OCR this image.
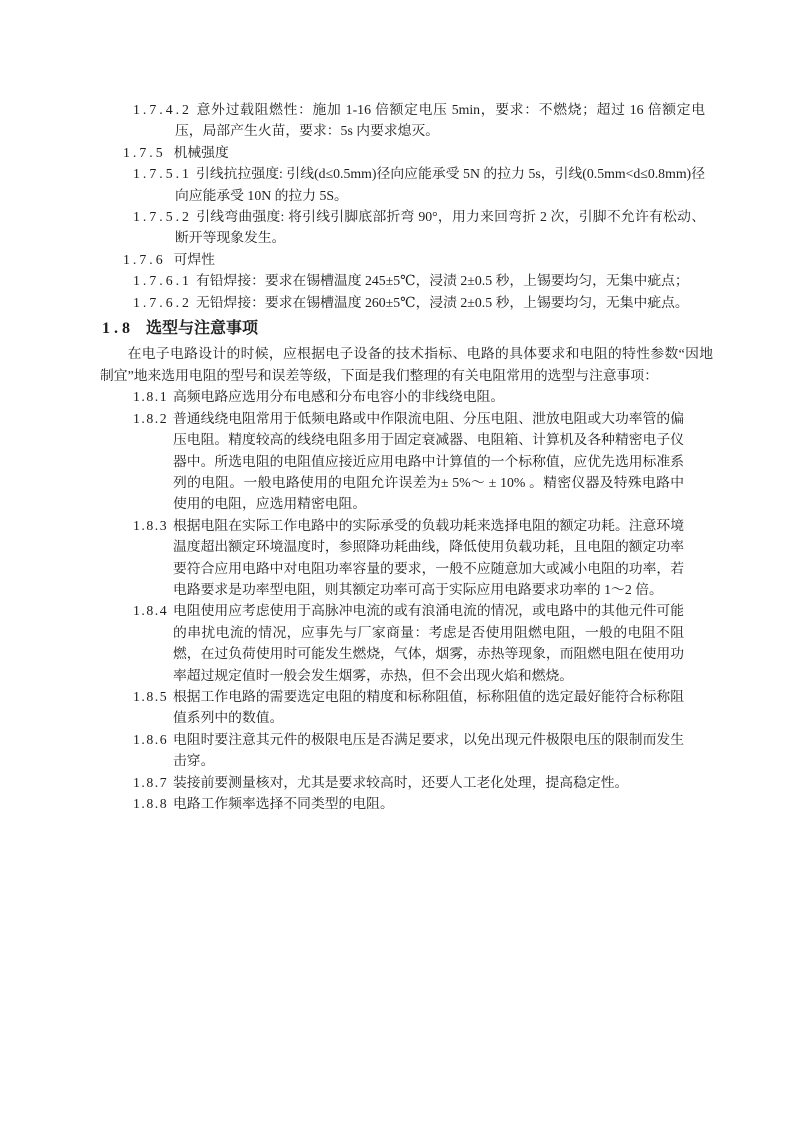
1.7.4.2 意外过载阻燃性：施加 1-16 倍额定电压 5min，要求：不燃烧；超过 16 倍额定电压，局部产生火苗，要求：5s 内要求熄灭。

1.7.5 机械强度

1.7.5.1 引线抗拉强度: 引线(d≤0.5mm)径向应能承受 5N 的拉力 5s，引线(0.5mm<d≤0.8mm)径向应能承受 10N 的拉力 5S。

1.7.5.2 引线弯曲强度: 将引线引脚底部折弯 90°，用力来回弯折 2 次，引脚不允许有松动、断开等现象发生。

1.7.6 可焊性

1.7.6.1 有铅焊接：要求在锡槽温度 245±5℃，浸渍 2±0.5 秒，上锡要均匀，无集中疵点；

1.7.6.2 无铅焊接：要求在锡槽温度 260±5℃，浸渍 2±0.5 秒，上锡要均匀，无集中疵点。

1.8 选型与注意事项

在电子电路设计的时候，应根据电子设备的技术指标、电路的具体要求和电阻的特性参数“因地制宜”地来选用电阻的型号和误差等级，下面是我们整理的有关电阻常用的选型与注意事项：

1.8.1 高频电路应选用分布电感和分布电容小的非线绕电阻。

1.8.2 普通线绕电阻常用于低频电路或中作限流电阻、分压电阻、泄放电阻或大功率管的偏压电阻。精度较高的线绕电阻多用于固定衰减器、电阻箱、计算机及各种精密电子仪器中。所选电阻的电阻值应接近应用电路中计算值的一个标称值，应优先选用标准系列的电阻。一般电路使用的电阻允许误差为± 5%～ ± 10% 。精密仪器及特殊电路中使用的电阻，应选用精密电阻。

1.8.3 根据电阻在实际工作电路中的实际承受的负载功耗来选择电阻的额定功耗。注意环境温度超出额定环境温度时，参照降功耗曲线，降低使用负载功耗，且电阻的额定功率要符合应用电路中对电阻功率容量的要求，一般不应随意加大或减小电阻的功率，若电路要求是功率型电阻，则其额定功率可高于实际应用电路要求功率的 1～2 倍。

1.8.4 电阻使用应考虑使用于高脉冲电流的或有浪涌电流的情况，或电路中的其他元件可能的串扰电流的情况，应事先与厂家商量：考虑是否使用阻燃电阻，一般的电阻不阻燃，在过负荷使用时可能发生燃烧，气体，烟雾，赤热等现象，而阻燃电阻在使用功率超过规定值时一般会发生烟雾，赤热，但不会出现火焰和燃烧。

1.8.5 根据工作电路的需要选定电阻的精度和标称阻值，标称阻值的选定最好能符合标称阻值系列中的数值。

1.8.6 电阻时要注意其元件的极限电压是否满足要求，以免出现元件极限电压的限制而发生击穿。

1.8.7 装接前要测量核对，尤其是要求较高时，还要人工老化处理，提高稳定性。

1.8.8 电路工作频率选择不同类型的电阻。
